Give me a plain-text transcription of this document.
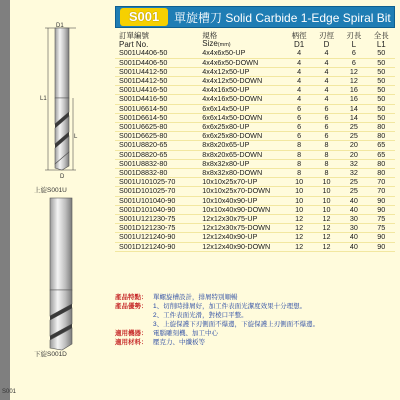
S001	單旋槽刀 Solid Carbide 1-Edge Spiral Bit
D1
L1
L
D
上旋S001U
下旋S001D
訂單編號	規格	柄徑	刃徑	刃長	全長
Part No.	Size(mm)	D1	D	L	L1
S001U4406-50	4x4x6x50-UP	4	4	6	50
S001D4406-50	4x4x6x50-DOWN	4	4	6	50
S001U4412-50	4x4x12x50-UP	4	4	12	50
S001D4412-50	4x4x12x50-DOWN	4	4	12	50
S001U4416-50	4x4x16x50-UP	4	4	16	50
S001D4416-50	4x4x16x50-DOWN	4	4	16	50
S001U6614-50	6x6x14x50-UP	6	6	14	50
S001D6614-50	6x6x14x50-DOWN	6	6	14	50
S001U6625-80	6x6x25x80-UP	6	6	25	80
S001D6625-80	6x6x25x80-DOWN	6	6	25	80
S001U8820-65	8x8x20x65-UP	8	8	20	65
S001D8820-65	8x8x20x65-DOWN	8	8	20	65
S001U8832-80	8x8x32x80-UP	8	8	32	80
S001D8832-80	8x8x32x80-DOWN	8	8	32	80
S001U101025-70	10x10x25x70-UP	10	10	25	70
S001D101025-70	10x10x25x70-DOWN	10	10	25	70
S001U101040-90	10x10x40x90-UP	10	10	40	90
S001D101040-90	10x10x40x90-DOWN	10	10	40	90
S001U121230-75	12x12x30x75-UP	12	12	30	75
S001D121230-75	12x12x30x75-DOWN	12	12	30	75
S001U121240-90	12x12x40x90-UP	12	12	40	90
S001D121240-90	12x12x40x90-DOWN	12	12	40	90
產品特點： 單螺旋槽設計，排屑特別順暢
產品優勢： 1、切削時排屑好，加工件表面光潔度效果十分理想。
2、工件表面光滑，對棱口平整。
3、上旋保護下刃側面不爆邊，下旋保護上刃側面不爆邊。
適用機器： 電腦雕刻機、加工中心
適用材料： 壓克力、中纖板等
S001
